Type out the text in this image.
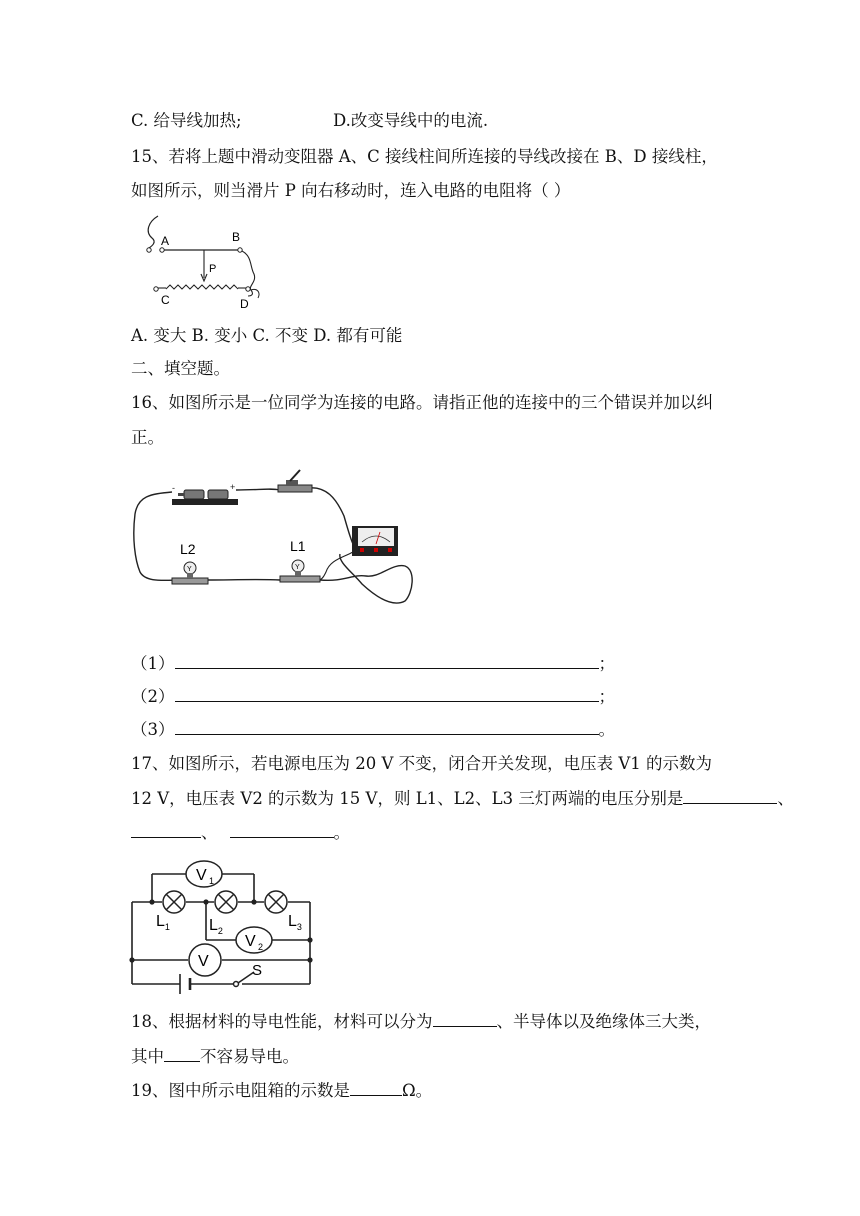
C. 给导线加热;	D.改变导线中的电流.
15、若将上题中滑动变阻器 A、C 接线柱间所连接的导线改接在 B、D 接线柱，
如图所示，则当滑片 P 向右移动时，连入电路的电阻将（ ）
A	B
P
C	D
A. 变大 B. 变小 C. 不变 D. 都有可能
二、填空题。
16、如图所示是一位同学为连接的电路。请指正他的连接中的三个错误并加以纠
正。
-	+
Y
L2
Y
L1
（1）	；
（2）	；
（3）	。
17、如图所示，若电源电压为 20 V 不变，闭合开关发现，电压表 V1 的示数为
12 V，电压表 V2 的示数为 15 V，则 L1、L2、L3 三灯两端的电压分别是	、
、	。
V 1
V 2
V
S
$L_1$ $L_2$
$L_3$
18、根据材料的导电性能，材料可以分为	、半导体以及绝缘体三大类，
其中 不容易导电。
19、图中所示电阻箱的示数是	Ω。
